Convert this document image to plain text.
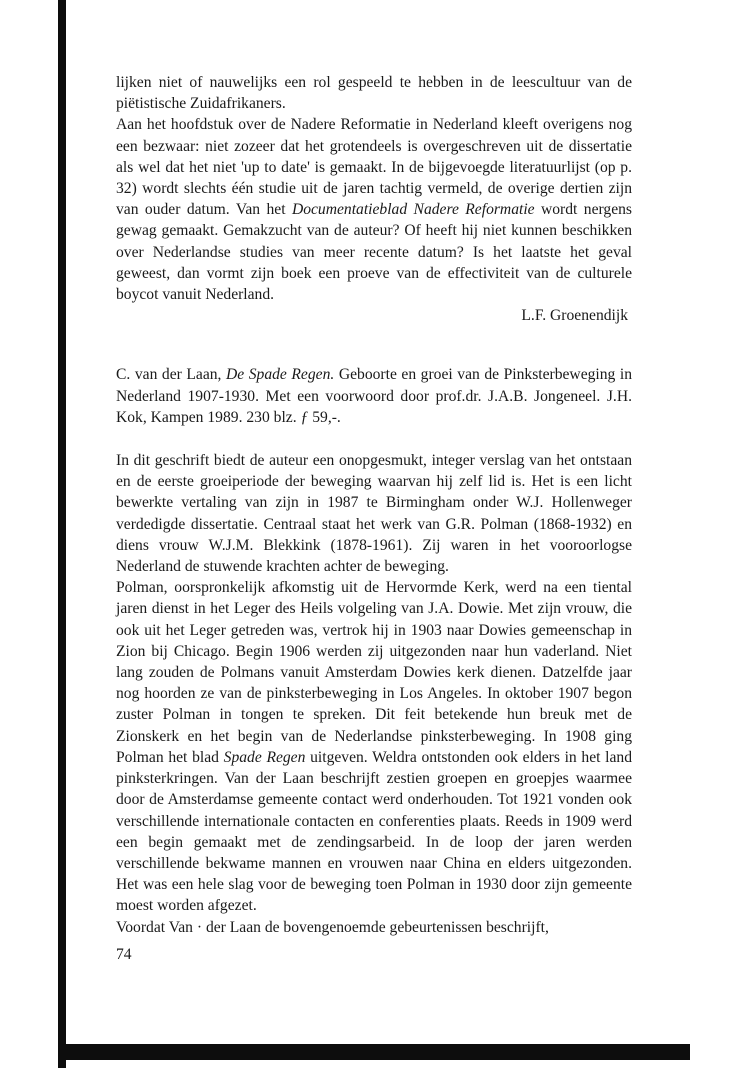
lijken niet of nauwelijks een rol gespeeld te hebben in de leescultuur van de piëtistische Zuidafrikaners.

Aan het hoofdstuk over de Nadere Reformatie in Nederland kleeft overigens nog een bezwaar: niet zozeer dat het grotendeels is overgeschreven uit de dissertatie als wel dat het niet 'up to date' is gemaakt. In de bijgevoegde literatuurlijst (op p. 32) wordt slechts één studie uit de jaren tachtig vermeld, de overige dertien zijn van ouder datum. Van het Documentatieblad Nadere Reformatie wordt nergens gewag gemaakt. Gemakzucht van de auteur? Of heeft hij niet kunnen beschikken over Nederlandse studies van meer recente datum? Is het laatste het geval geweest, dan vormt zijn boek een proeve van de effectiviteit van de culturele boycot vanuit Nederland.

L.F. Groenendijk

C. van der Laan, De Spade Regen. Geboorte en groei van de Pinksterbeweging in Nederland 1907-1930. Met een voorwoord door prof.dr. J.A.B. Jongeneel. J.H. Kok, Kampen 1989. 230 blz. ƒ 59,-.

In dit geschrift biedt de auteur een onopgesmukt, integer verslag van het ontstaan en de eerste groeiperiode der beweging waarvan hij zelf lid is. Het is een licht bewerkte vertaling van zijn in 1987 te Birmingham onder W.J. Hollenweger verdedigde dissertatie. Centraal staat het werk van G.R. Polman (1868-1932) en diens vrouw W.J.M. Blekkink (1878-1961). Zij waren in het vooroorlogse Nederland de stuwende krachten achter de beweging.

Polman, oorspronkelijk afkomstig uit de Hervormde Kerk, werd na een tiental jaren dienst in het Leger des Heils volgeling van J.A. Dowie. Met zijn vrouw, die ook uit het Leger getreden was, vertrok hij in 1903 naar Dowies gemeenschap in Zion bij Chicago. Begin 1906 werden zij uitgezonden naar hun vaderland. Niet lang zouden de Polmans vanuit Amsterdam Dowies kerk dienen. Datzelfde jaar nog hoorden ze van de pinksterbeweging in Los Angeles. In oktober 1907 begon zuster Polman in tongen te spreken. Dit feit betekende hun breuk met de Zionskerk en het begin van de Nederlandse pinksterbeweging. In 1908 ging Polman het blad Spade Regen uitgeven. Weldra ontstonden ook elders in het land pinksterkringen. Van der Laan beschrijft zestien groepen en groepjes waarmee door de Amsterdamse gemeente contact werd onderhouden. Tot 1921 vonden ook verschillende internationale contacten en conferenties plaats. Reeds in 1909 werd een begin gemaakt met de zendingsarbeid. In de loop der jaren werden verschillende bekwame mannen en vrouwen naar China en elders uitgezonden. Het was een hele slag voor de beweging toen Polman in 1930 door zijn gemeente moest worden afgezet.

Voordat Van · der Laan de bovengenoemde gebeurtenissen beschrijft,

74
